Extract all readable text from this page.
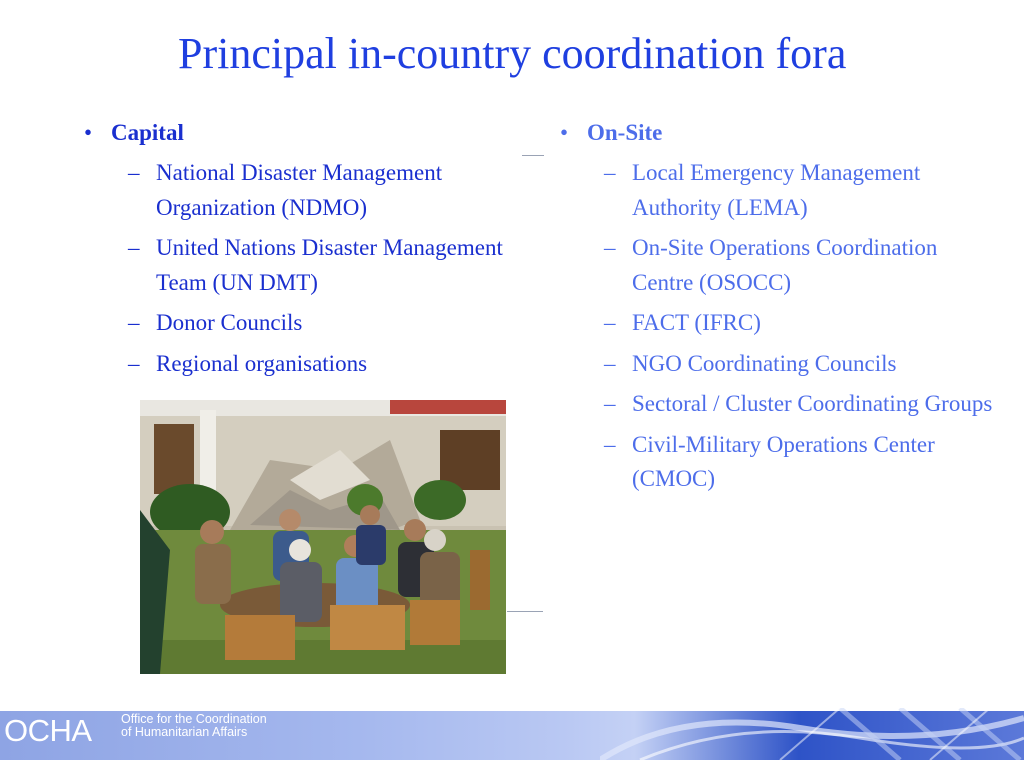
Principal in-country coordination fora
• Capital
– National Disaster Management Organization (NDMO)
– United Nations Disaster Management Team (UN DMT)
– Donor Councils
– Regional organisations
• On-Site
– Local Emergency Management Authority (LEMA)
– On-Site Operations Coordination Centre (OSOCC)
– FACT (IFRC)
– NGO Coordinating Councils
– Sectoral / Cluster Coordinating Groups
– Civil-Military Operations Center (CMOC)
OCHA Office for the Coordination
of Humanitarian Affairs
